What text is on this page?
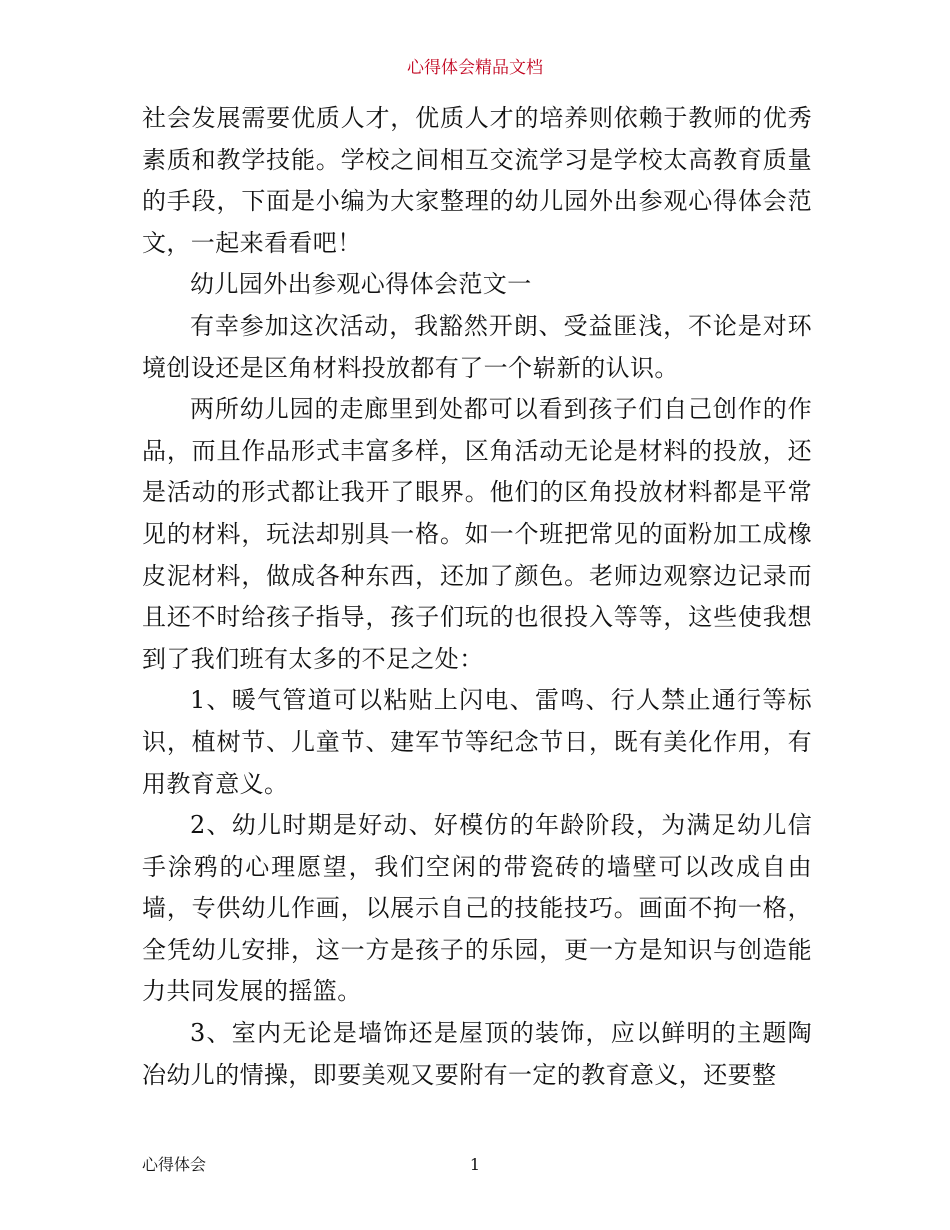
心得体会精品文档

社会发展需要优质人才，优质人才的培养则依赖于教师的优秀素质和教学技能。学校之间相互交流学习是学校太高教育质量的手段，下面是小编为大家整理的幼儿园外出参观心得体会范文，一起来看看吧！

幼儿园外出参观心得体会范文一

有幸参加这次活动，我豁然开朗、受益匪浅，不论是对环境创设还是区角材料投放都有了一个崭新的认识。

两所幼儿园的走廊里到处都可以看到孩子们自己创作的作品，而且作品形式丰富多样，区角活动无论是材料的投放，还是活动的形式都让我开了眼界。他们的区角投放材料都是平常见的材料，玩法却别具一格。如一个班把常见的面粉加工成橡皮泥材料，做成各种东西，还加了颜色。老师边观察边记录而且还不时给孩子指导，孩子们玩的也很投入等等，这些使我想到了我们班有太多的不足之处：

1、暖气管道可以粘贴上闪电、雷鸣、行人禁止通行等标识，植树节、儿童节、建军节等纪念节日，既有美化作用，有用教育意义。

2、幼儿时期是好动、好模仿的年龄阶段，为满足幼儿信手涂鸦的心理愿望，我们空闲的带瓷砖的墙壁可以改成自由墙，专供幼儿作画，以展示自己的技能技巧。画面不拘一格，全凭幼儿安排，这一方是孩子的乐园，更一方是知识与创造能力共同发展的摇篮。

3、室内无论是墙饰还是屋顶的装饰，应以鲜明的主题陶冶幼儿的情操，即要美观又要附有一定的教育意义，还要整

心得体会	1
